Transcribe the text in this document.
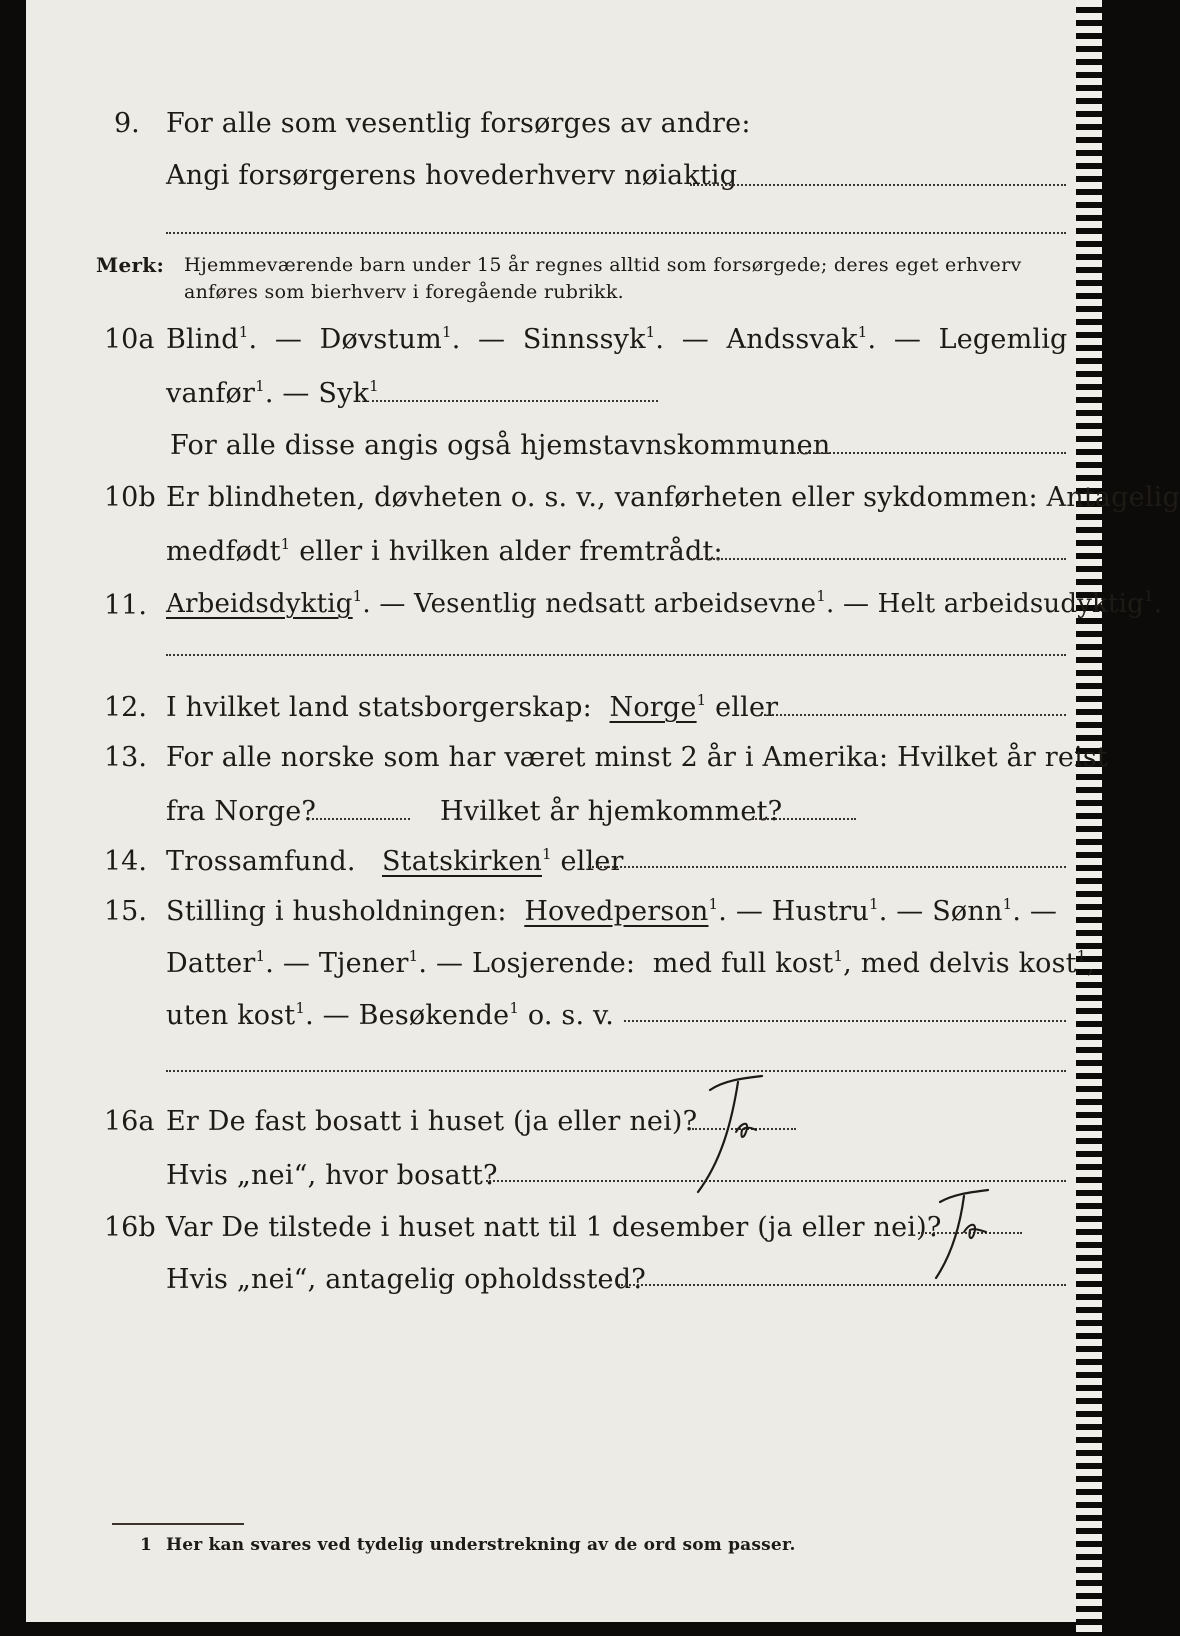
9. For alle som vesentlig forsørges av andre:
Angi forsørgerens hovederhverv nøiaktig
Merk: Hjemmeværende barn under 15 år regnes alltid som forsørgede; deres eget erhverv
anføres som bierhverv i foregående rubrikk.
10a Blind$^1$.  —  Døvstum$^1$.  —  Sinnssyk$^1$.  —  Andssvak$^1$.  —  Legemlig
vanfør$^1$. — Syk$^1$
For alle disse angis også hjemstavnskommunen
10b Er blindheten, døvheten o. s. v., vanførheten eller sykdommen: Antagelig
medfødt$^1$ eller i hvilken alder fremtrådt:
11. Arbeidsdyktig$^1$. — Vesentlig nedsatt arbeidsevne$^1$. — Helt arbeidsudyktig$^1$.
12. I hvilket land statsborgerskap: Norge$^1$ eller
13. For alle norske som har været minst 2 år i Amerika: Hvilket år reist
fra Norge?	Hvilket år hjemkommet?
14. Trossamfund. Statskirken$^1$ eller
15. Stilling i husholdningen: Hovedperson$^1$. — Hustru$^1$. — Sønn$^1$. —
Datter$^1$. — Tjener$^1$. — Losjerende: med full kost$^1$, med delvis kost$^1$,
uten kost$^1$. — Besøkende$^1$ o. s. v.
16a Er De fast bosatt i huset (ja eller nei)?
Hvis „nei“, hvor bosatt?
16b Var De tilstede i huset natt til 1 desember (ja eller nei)?
Hvis „nei“, antagelig opholdssted?
1 Her kan svares ved tydelig understrekning av de ord som passer.
